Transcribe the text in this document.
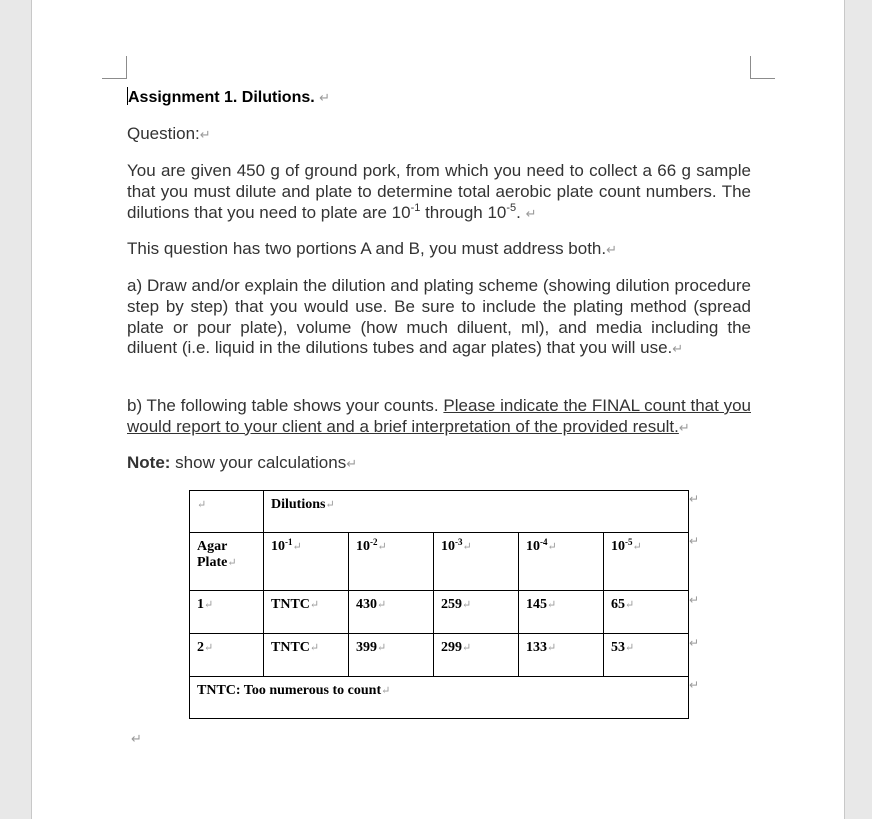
Assignment 1. Dilutions. ↵

Question:↵

You are given 450 g of ground pork, from which you need to collect a 66 g sample that you must dilute and plate to determine total aerobic plate count numbers. The dilutions that you need to plate are $10^{-1}$ through $10^{-5}$. ↵

This question has two portions A and B, you must address both.↵

a) Draw and/or explain the dilution and plating scheme (showing dilution procedure step by step) that you would use. Be sure to include the plating method (spread plate or pour plate), volume (how much diluent, ml), and media including the diluent (i.e. liquid in the dilutions tubes and agar plates) that you will use.↵

b) The following table shows your counts. Please indicate the FINAL count that you would report to your client and a brief interpretation of the provided result.↵

Note: show your calculations↵

↵	Dilutions↵				
Agar Plate↵	$10^{-1}↵$	$10^{-2}↵$	$10^{-3}↵$	$10^{-4}↵$	$10^{-5}↵$
1↵	TNTC↵	430↵	259↵	145↵	65↵
2↵	TNTC↵	399↵	299↵	133↵	53↵
TNTC: Too numerous to count↵					
↵
↵
↵
↵
↵
↵
